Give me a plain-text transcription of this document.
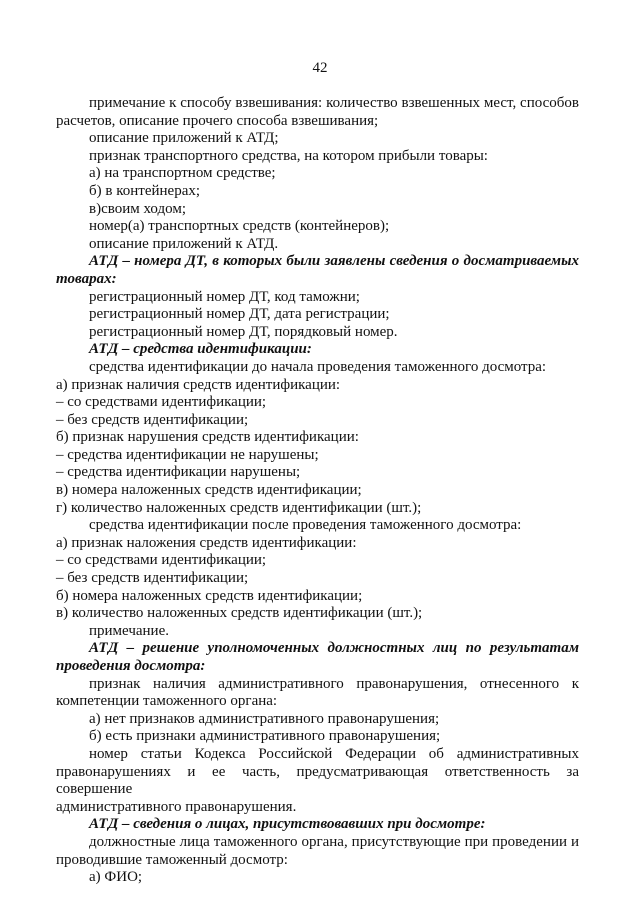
42

примечание к способу взвешивания: количество взвешенных мест, способов

расчетов, описание прочего способа взвешивания;

описание приложений к АТД;

признак транспортного средства, на котором прибыли товары:

а) на транспортном средстве;

б) в контейнерах;

в)своим ходом;

номер(а) транспортных средств (контейнеров);

описание приложений к АТД.

АТД – номера ДТ, в которых были заявлены сведения о досматриваемых

товарах:

регистрационный номер ДТ, код таможни;

регистрационный номер ДТ, дата регистрации;

регистрационный номер ДТ, порядковый номер.

АТД – средства идентификации:

средства идентификации до начала проведения таможенного досмотра:

а) признак наличия средств идентификации:

– со средствами идентификации;

– без средств идентификации;

б) признак нарушения средств идентификации:

– средства идентификации не нарушены;

– средства идентификации нарушены;

в) номера наложенных средств идентификации;

г) количество наложенных средств идентификации (шт.);

средства идентификации после проведения таможенного досмотра:

а) признак наложения средств идентификации:

– со средствами идентификации;

– без средств идентификации;

б) номера наложенных средств идентификации;

в) количество наложенных средств идентификации (шт.);

примечание.

АТД – решение уполномоченных должностных лиц по результатам

проведения досмотра:

признак наличия административного правонарушения, отнесенного к

компетенции таможенного органа:

а) нет признаков административного правонарушения;

б) есть признаки административного правонарушения;

номер статьи Кодекса Российской Федерации об административных

правонарушениях и ее часть, предусматривающая ответственность за совершение

административного правонарушения.

АТД – сведения о лицах, присутствовавших при досмотре:

должностные лица таможенного органа, присутствующие при проведении и

проводившие таможенный досмотр:

а) ФИО;
